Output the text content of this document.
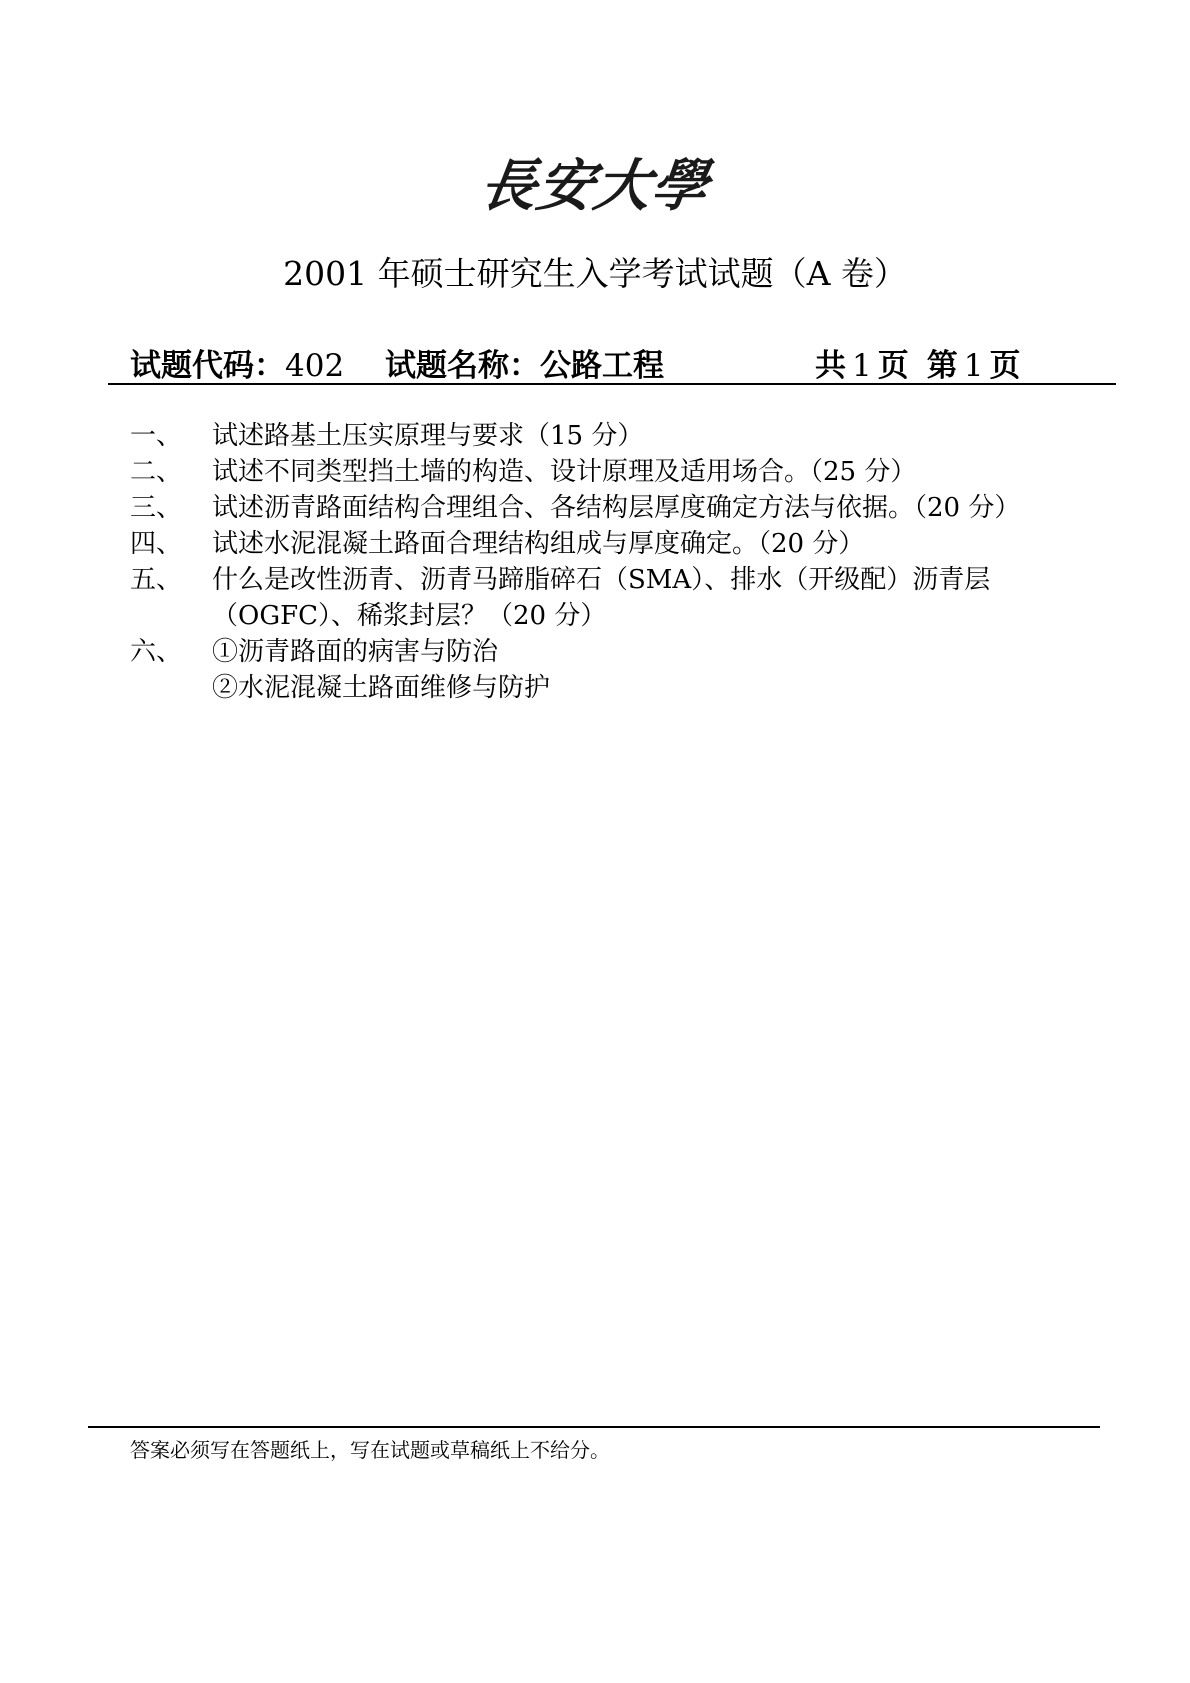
長安大學
2001 年硕士研究生入学考试试题（A 卷）
试题代码：402 试题名称：公路工程	共 1 页 第 1 页
一、 试述路基土压实原理与要求（15 分）
二、 试述不同类型挡土墙的构造、设计原理及适用场合。（25 分）
三、 试述沥青路面结构合理组合、各结构层厚度确定方法与依据。（20 分）
四、 试述水泥混凝土路面合理结构组成与厚度确定。（20 分）
五、 什么是改性沥青、沥青马蹄脂碎石（SMA）、排水（开级配）沥青层
（OGFC）、稀浆封层？（20 分）
六、 ①沥青路面的病害与防治
②水泥混凝土路面维修与防护
答案必须写在答题纸上，写在试题或草稿纸上不给分。
